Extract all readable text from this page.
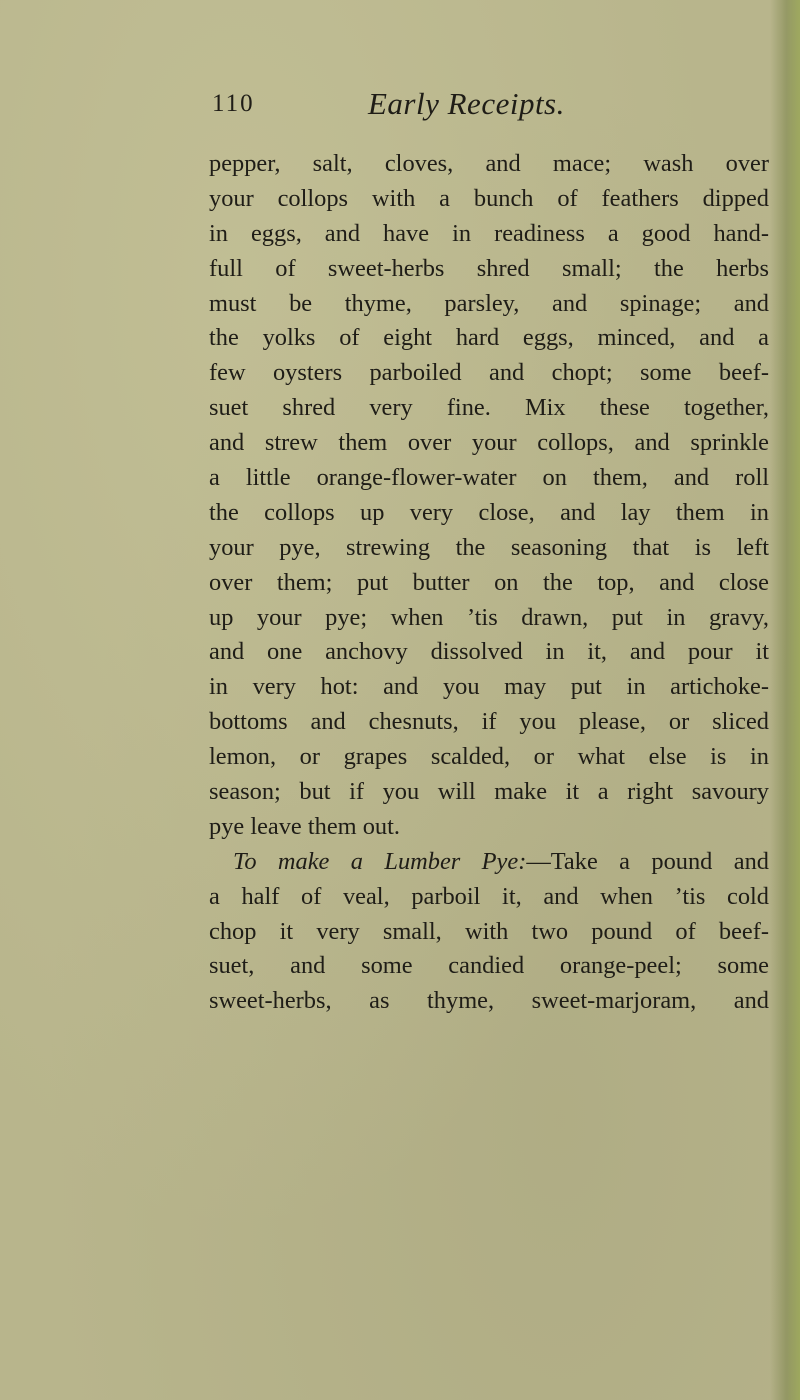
110	Early Receipts.
pepper, salt, cloves, and mace; wash over
your collops with a bunch of feathers dipped
in eggs, and have in readiness a good hand-
full of sweet-herbs shred small; the herbs
must be thyme, parsley, and spinage; and
the yolks of eight hard eggs, minced, and a
few oysters parboiled and chopt; some beef-
suet shred very fine. Mix these together,
and strew them over your collops, and sprinkle
a little orange-flower-water on them, and roll
the collops up very close, and lay them in
your pye, strewing the seasoning that is left
over them; put butter on the top, and close
up your pye; when ’tis drawn, put in gravy,
and one anchovy dissolved in it, and pour it
in very hot: and you may put in artichoke-
bottoms and chesnuts, if you please, or sliced
lemon, or grapes scalded, or what else is in
season; but if you will make it a right savoury
pye leave them out.
To make a Lumber Pye:—Take a pound and
a half of veal, parboil it, and when ’tis cold
chop it very small, with two pound of beef-
suet, and some candied orange-peel; some
sweet-herbs, as thyme, sweet-marjoram, and
